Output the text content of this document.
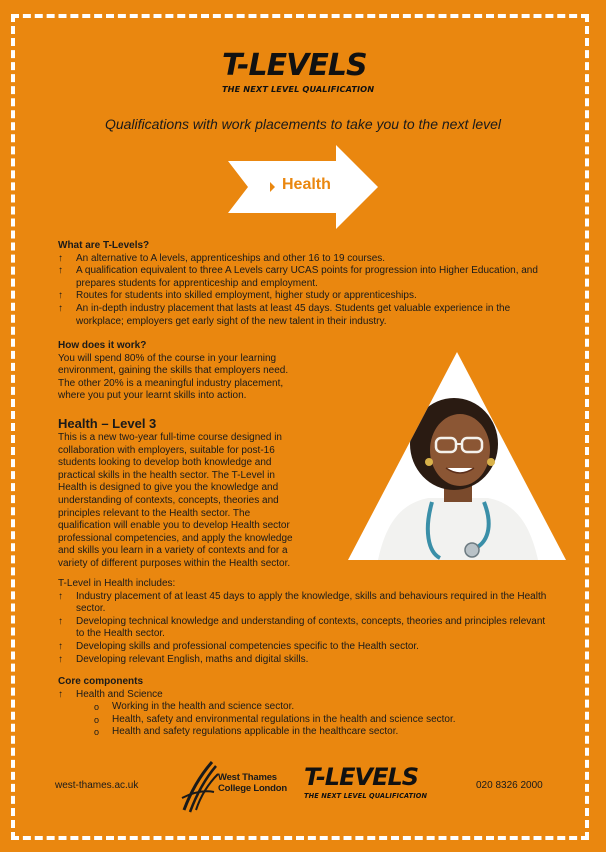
T-LEVELS
THE NEXT LEVEL QUALIFICATION
Qualifications with work placements to take you to the next level
Health
What are T-Levels?
↑ An alternative to A levels, apprenticeships and other 16 to 19 courses.
↑ A qualification equivalent to three A Levels carry UCAS points for progression into Higher Education, and prepares students for apprenticeship and employment.
↑ Routes for students into skilled employment, higher study or apprenticeships.
↑ An in-depth industry placement that lasts at least 45 days. Students get valuable experience in the workplace; employers get early sight of the new talent in their industry.
How does it work?

You will spend 80% of the course in your learning environment, gaining the skills that employers need. The other 20% is a meaningful industry placement, where you put your learnt skills into action.

Health – Level 3

This is a new two-year full-time course designed in collaboration with employers, suitable for post-16 students looking to develop both knowledge and practical skills in the health sector. The T-Level in Health is designed to give you the knowledge and understanding of contexts, concepts, theories and principles relevant to the Health sector. The qualification will enable you to develop Health sector professional competencies, and apply the knowledge and skills you learn in a variety of contexts and for a variety of different purposes within the Health sector.

T-Level in Health includes:
↑ Industry placement of at least 45 days to apply the knowledge, skills and behaviours required in the Health sector.
↑ Developing technical knowledge and understanding of contexts, concepts, theories and principles relevant to the Health sector.
↑ Developing skills and professional competencies specific to the Health sector.
↑ Developing relevant English, maths and digital skills.
Core components
↑ Health and Science
o Working in the health and science sector.
o Health, safety and environmental regulations in the health and science sector.
o Health and safety regulations applicable in the healthcare sector.
west-thames.ac.uk
West Thames
College London T-LEVELS
THE NEXT LEVEL QUALIFICATION
020 8326 2000
